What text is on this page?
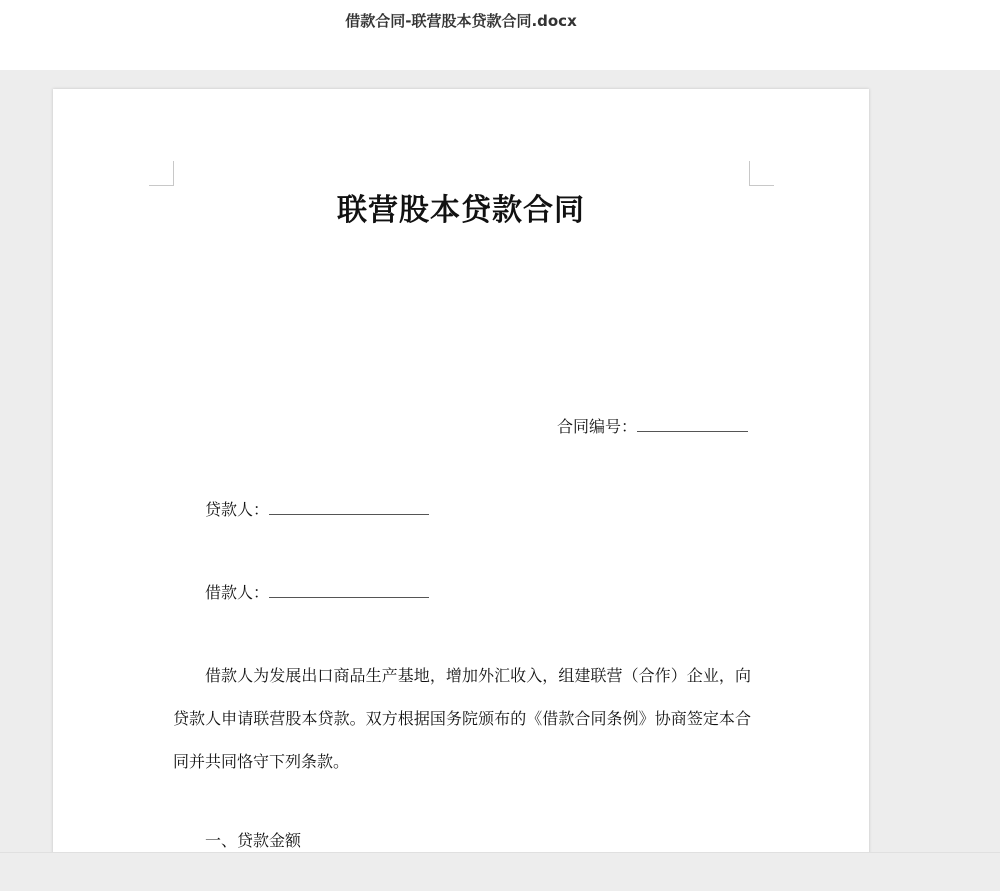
借款合同-联营股本贷款合同.docx
联营股本贷款合同
合同编号：
贷款人：
借款人：
借款人为发展出口商品生产基地，增加外汇收入，组建联营（合作）企业，向贷款人申请联营股本贷款。双方根据国务院颁布的《借款合同条例》协商签定本合同并共同恪守下列条款。
一、贷款金额
